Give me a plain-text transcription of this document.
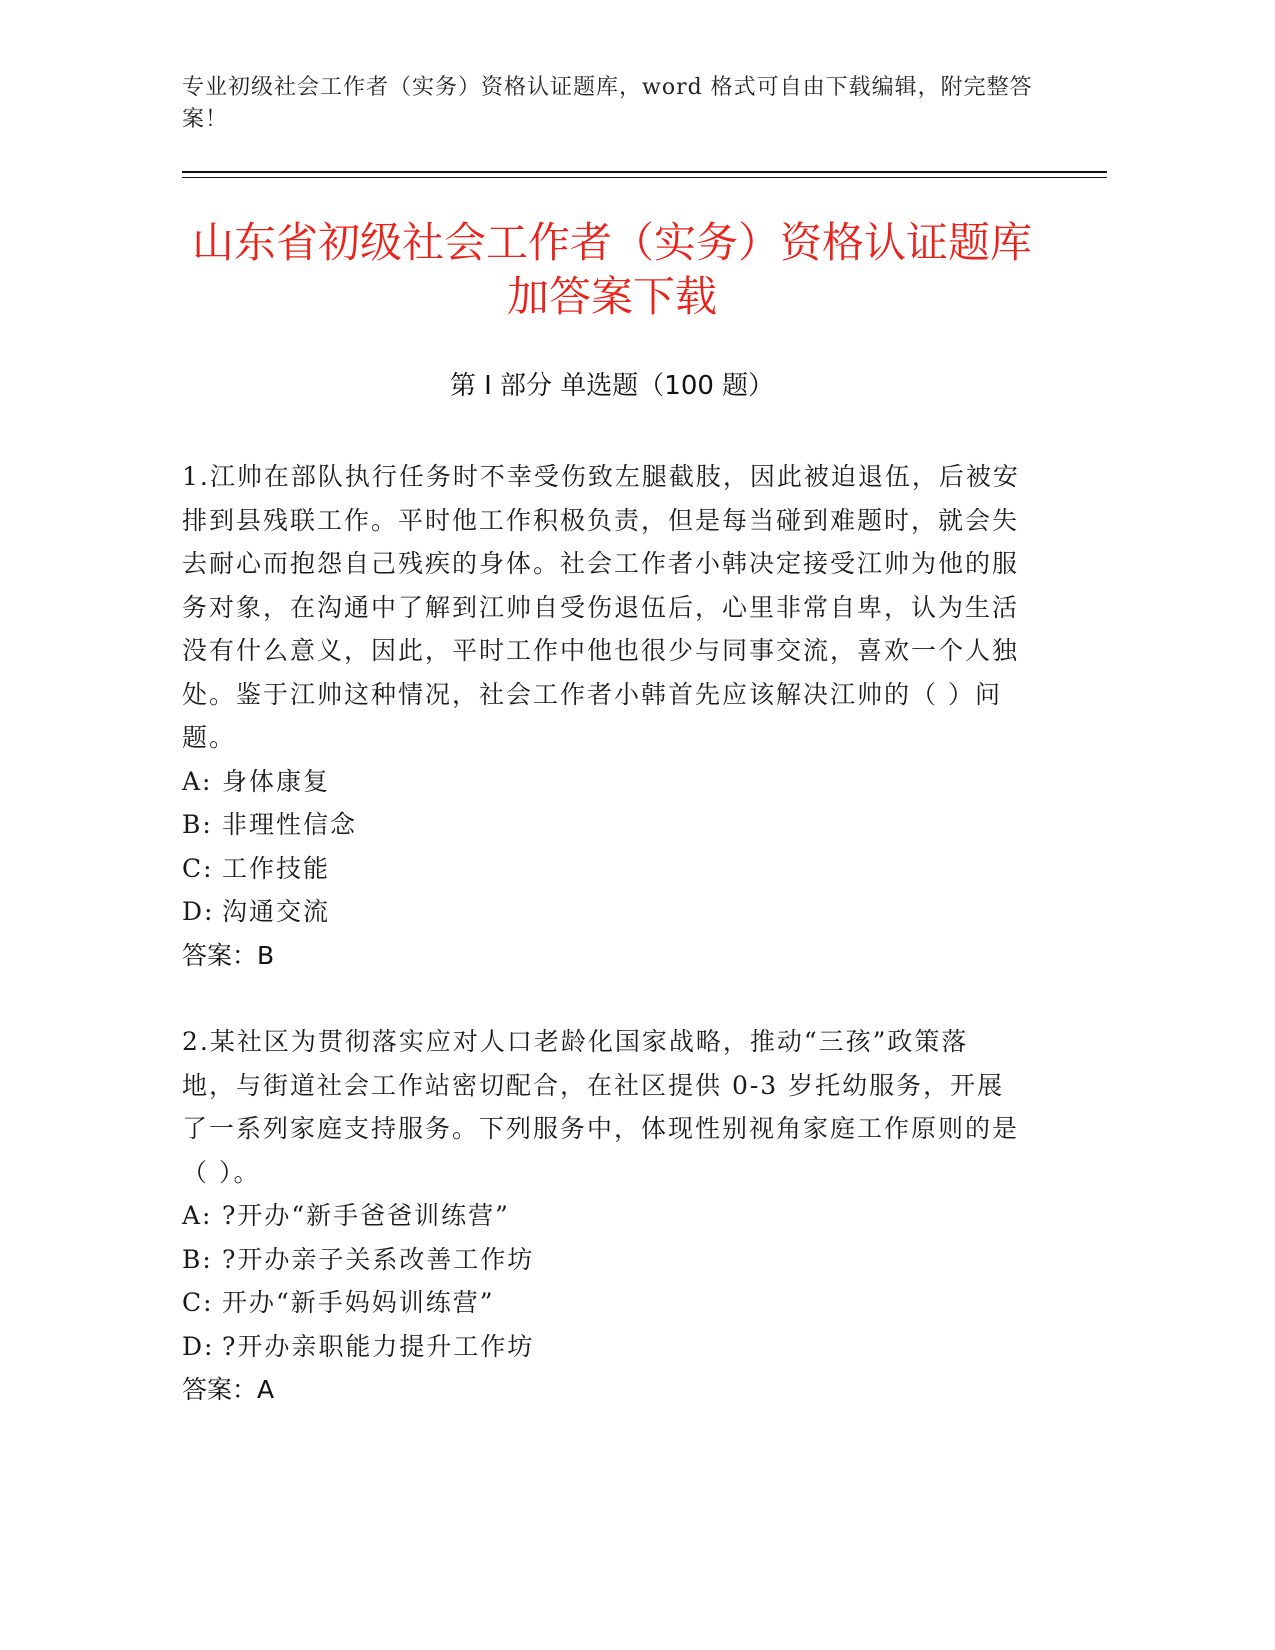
专业初级社会工作者（实务）资格认证题库，word 格式可自由下载编辑，附完整答案！
山东省初级社会工作者（实务）资格认证题库加答案下载
第 I 部分 单选题（100 题）

1.江帅在部队执行任务时不幸受伤致左腿截肢，因此被迫退伍，后被安排到县残联工作。平时他工作积极负责，但是每当碰到难题时，就会失去耐心而抱怨自己残疾的身体。社会工作者小韩决定接受江帅为他的服务对象，在沟通中了解到江帅自受伤退伍后，心里非常自卑，认为生活没有什么意义，因此，平时工作中他也很少与同事交流，喜欢一个人独处。鉴于江帅这种情况，社会工作者小韩首先应该解决江帅的（ ）问题。

A: 身体康复

B: 非理性信念

C: 工作技能

D: 沟通交流

答案：B

2.某社区为贯彻落实应对人口老龄化国家战略，推动“三孩”政策落地，与街道社会工作站密切配合，在社区提供 0-3 岁托幼服务，开展了一系列家庭支持服务。下列服务中，体现性别视角家庭工作原则的是（ ）。

A: ?开办“新手爸爸训练营”

B: ?开办亲子关系改善工作坊

C: 开办“新手妈妈训练营”

D: ?开办亲职能力提升工作坊

答案：A
